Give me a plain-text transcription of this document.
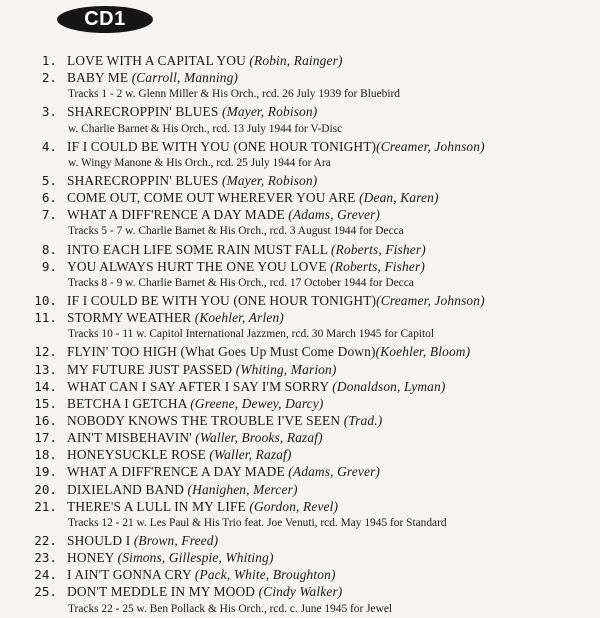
CD1
1. LOVE WITH A CAPITAL YOU (Robin, Rainger)
2. BABY ME (Carroll, Manning)
Tracks 1 - 2 w. Glenn Miller & His Orch., rcd. 26 July 1939 for Bluebird
3. SHARECROPPIN' BLUES (Mayer, Robison)
w. Charlie Barnet & His Orch., rcd. 13 July 1944 for V-Disc
4. IF I COULD BE WITH YOU (ONE HOUR TONIGHT)(Creamer, Johnson)
w. Wingy Manone & His Orch., rcd. 25 July 1944 for Ara
5. SHARECROPPIN' BLUES (Mayer, Robison)
6. COME OUT, COME OUT WHEREVER YOU ARE (Dean, Karen)
7. WHAT A DIFF'RENCE A DAY MADE (Adams, Grever)
Tracks 5 - 7 w. Charlie Barnet & His Orch., rcd. 3 August 1944 for Decca
8. INTO EACH LIFE SOME RAIN MUST FALL (Roberts, Fisher)
9. YOU ALWAYS HURT THE ONE YOU LOVE (Roberts, Fisher)
Tracks 8 - 9 w. Charlie Barnet & His Orch., rcd. 17 October 1944 for Decca
10. IF I COULD BE WITH YOU (ONE HOUR TONIGHT)(Creamer, Johnson)
11. STORMY WEATHER (Koehler, Arlen)
Tracks 10 - 11 w. Capitol International Jazzmen, rcd. 30 March 1945 for Capitol
12. FLYIN' TOO HIGH (What Goes Up Must Come Down)(Koehler, Bloom)
13. MY FUTURE JUST PASSED (Whiting, Marion)
14. WHAT CAN I SAY AFTER I SAY I'M SORRY (Donaldson, Lyman)
15. BETCHA I GETCHA (Greene, Dewey, Darcy)
16. NOBODY KNOWS THE TROUBLE I'VE SEEN (Trad.)
17. AIN'T MISBEHAVIN' (Waller, Brooks, Razaf)
18. HONEYSUCKLE ROSE (Waller, Razaf)
19. WHAT A DIFF'RENCE A DAY MADE (Adams, Grever)
20. DIXIELAND BAND (Hanighen, Mercer)
21. THERE'S A LULL IN MY LIFE (Gordon, Revel)
Tracks 12 - 21 w. Les Paul & His Trio feat. Joe Venuti, rcd. May 1945 for Standard
22. SHOULD I (Brown, Freed)
23. HONEY (Simons, Gillespie, Whiting)
24. I AIN'T GONNA CRY (Pack, White, Broughton)
25. DON'T MEDDLE IN MY MOOD (Cindy Walker)
Tracks 22 - 25 w. Ben Pollack & His Orch., rcd. c. June 1945 for Jewel
